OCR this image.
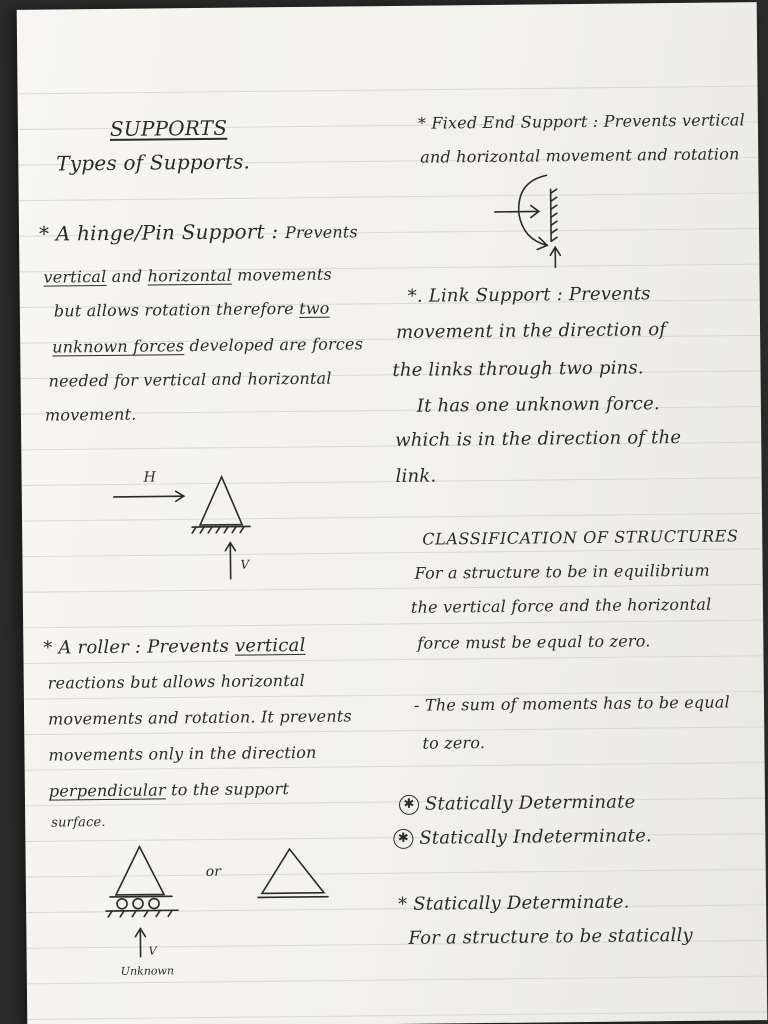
SUPPORTS
Types of Supports.
* A hinge/Pin Support : Prevents
vertical and horizontal movements
but allows rotation therefore two
unknown forces developed are forces
needed for vertical and horizontal
movement.
H
V
* A roller : Prevents vertical
reactions but allows horizontal
movements and rotation. It prevents
movements only in the direction
perpendicular to the support
surface.
or
V
Unknown
* Fixed End Support : Prevents vertical
and horizontal movement and rotation
*. Link Support : Prevents
movement in the direction of
the links through two pins.
It has one unknown force.
which is in the direction of the
link.
CLASSIFICATION OF STRUCTURES
For a structure to be in equilibrium
the vertical force and the horizontal
force must be equal to zero.
- The sum of moments has to be equal
to zero.
✱ Statically Determinate
✱ Statically Indeterminate.
* Statically Determinate.
For a structure to be statically
